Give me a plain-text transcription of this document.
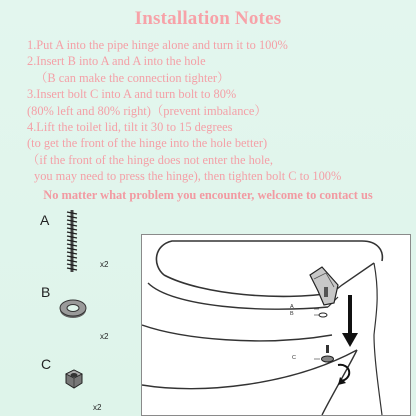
Installation Notes
1.Put A into the pipe hinge alone and turn it to 100%
2.Insert B into A and A into the hole
（B can make the connection tighter）
3.Insert bolt C into A and turn bolt to 80%
(80% left and 80% right)（prevent imbalance）
4.Lift the toilet lid, tilt it 30 to 15 degrees
(to get the front of the hinge into the hole better)
（if the front of the hinge does not enter the hole,
you may need to press the hinge), then tighten bolt C to 100%
No matter what problem you encounter, welcome to contact us
A
x2
B
x2
C
x2
A
B
C
